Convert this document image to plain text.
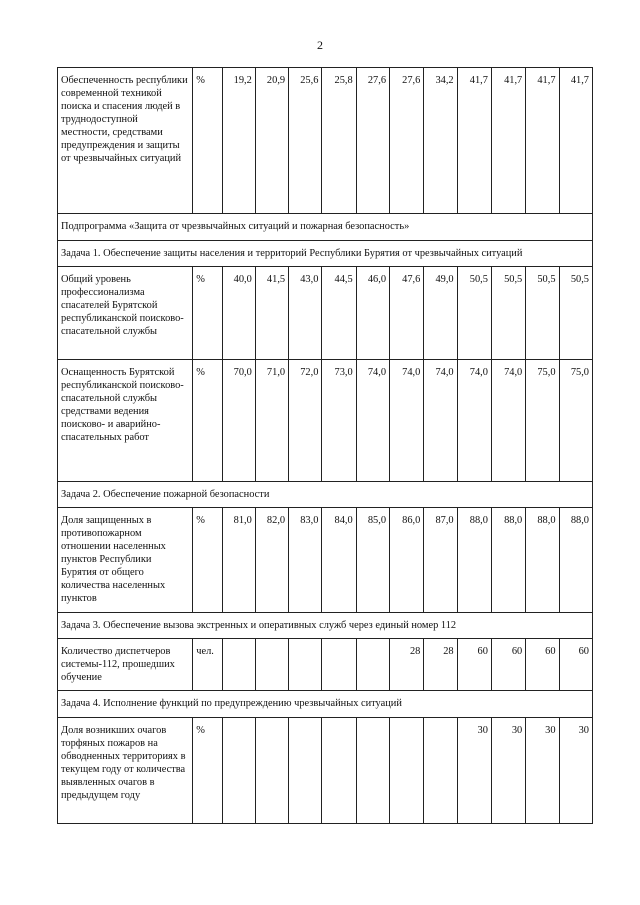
2
Обеспеченность республики современной техникой поиска и спасения людей в труднодоступной местности, средствами предупреждения и защиты от чрезвычайных ситуаций	%	19,2	20,9	25,6	25,8	27,6	27,6	34,2	41,7	41,7	41,7	41,7
Подпрограмма «Защита от чрезвычайных ситуаций и пожарная безопасность»												
Задача 1. Обеспечение защиты населения и территорий Республики Бурятия от чрезвычайных ситуаций												
Общий уровень профессионализма спасателей Бурятской республиканской поисково-спасательной службы	%	40,0	41,5	43,0	44,5	46,0	47,6	49,0	50,5	50,5	50,5	50,5
Оснащенность Бурятской республиканской поисково-спасательной службы средствами ведения поисково- и аварийно-спасательных работ	%	70,0	71,0	72,0	73,0	74,0	74,0	74,0	74,0	74,0	75,0	75,0
Задача 2. Обеспечение пожарной безопасности												
Доля защищенных в противопожарном отношении населенных пунктов Республики Бурятия от общего количества населенных пунктов	%	81,0	82,0	83,0	84,0	85,0	86,0	87,0	88,0	88,0	88,0	88,0
Задача 3. Обеспечение вызова экстренных и оперативных служб через единый номер 112												
Количество диспетчеров системы-112, прошедших обучение	чел.						28	28	60	60	60	60
Задача 4. Исполнение функций по предупреждению чрезвычайных ситуаций												
Доля возникших очагов торфяных пожаров на обводненных территориях в текущем году от количества выявленных очагов в предыдущем году	%								30	30	30	30
